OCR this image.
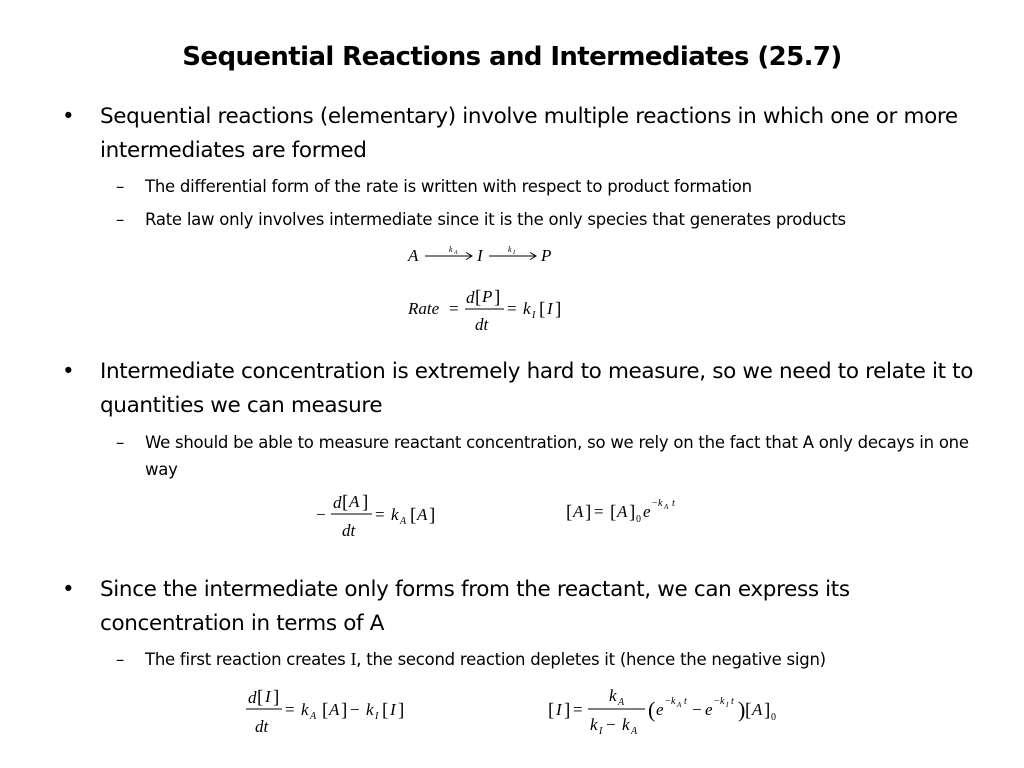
Sequential Reactions and Intermediates (25.7)
•	Sequential reactions (elementary) involve multiple reactions in which one or more intermediates are formed
–	The differential form of the rate is written with respect to product formation
–	Rate law only involves intermediate since it is the only species that generates products
A	k A I	k I P
Rate =
d [ P ]
dt
= k I [ I ]
•	Intermediate concentration is extremely hard to measure, so we need to relate it to quantities we can measure
–	We should be able to measure reactant concentration, so we rely on the fact that A only decays in one way
−
d [ A ]
dt
= k A [ A ]	[ A ] = [ A ] 0 e − k A t
•	Since the intermediate only forms from the reactant, we can express its concentration in terms of A
–	The first reaction creates I, the second reaction depletes it (hence the negative sign)
d [ I ]
dt
= k A [ A ] − k I [ I ]	[ I ] =
k A
k I − k A
( e − k A t − e − k I t ) [ A ] 0
